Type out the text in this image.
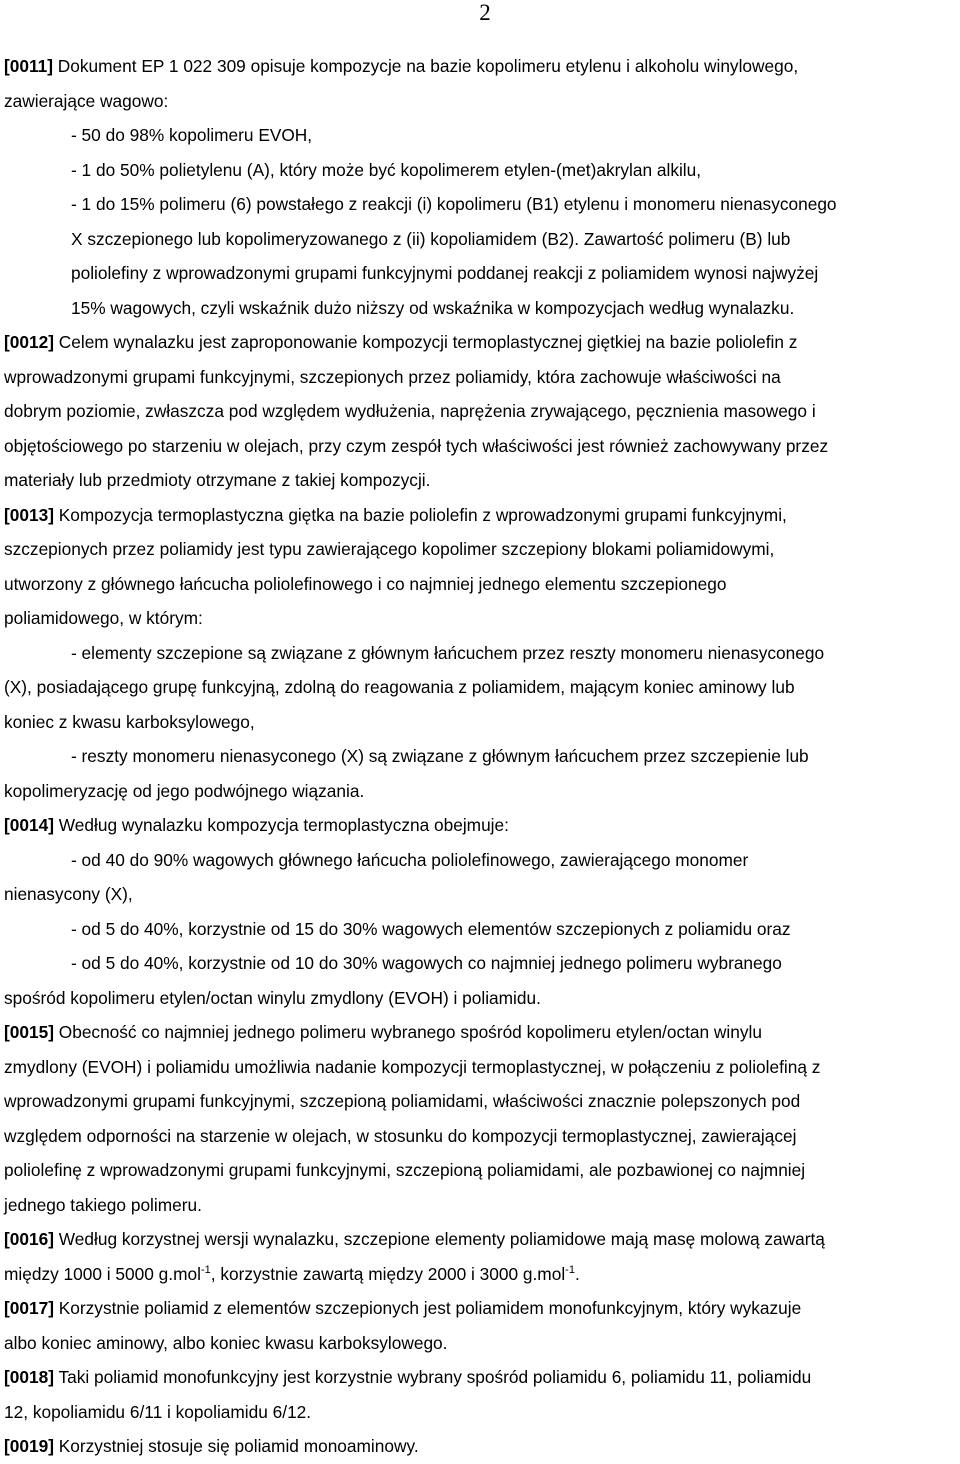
2
[0011] Dokument EP 1 022 309 opisuje kompozycje na bazie kopolimeru etylenu i alkoholu winylowego,
zawierające wagowo:
- 50 do 98% kopolimeru EVOH,
- 1 do 50% polietylenu (A), który może być kopolimerem etylen-(met)akrylan alkilu,
- 1 do 15% polimeru (6) powstałego z reakcji (i) kopolimeru (B1) etylenu i monomeru nienasyconego
X szczepionego lub kopolimeryzowanego z (ii) kopoliamidem (B2). Zawartość polimeru (B) lub
poliolefiny z wprowadzonymi grupami funkcyjnymi poddanej reakcji z poliamidem wynosi najwyżej
15% wagowych, czyli wskaźnik dużo niższy od wskaźnika w kompozycjach według wynalazku.
[0012] Celem wynalazku jest zaproponowanie kompozycji termoplastycznej giętkiej na bazie poliolefin z
wprowadzonymi grupami funkcyjnymi, szczepionych przez poliamidy, która zachowuje właściwości na
dobrym poziomie, zwłaszcza pod względem wydłużenia, naprężenia zrywającego, pęcznienia masowego i
objętościowego po starzeniu w olejach, przy czym zespół tych właściwości jest również zachowywany przez
materiały lub przedmioty otrzymane z takiej kompozycji.
[0013] Kompozycja termoplastyczna giętka na bazie poliolefin z wprowadzonymi grupami funkcyjnymi,
szczepionych przez poliamidy jest typu zawierającego kopolimer szczepiony blokami poliamidowymi,
utworzony z głównego łańcucha poliolefinowego i co najmniej jednego elementu szczepionego
poliamidowego, w którym:
- elementy szczepione są związane z głównym łańcuchem przez reszty monomeru nienasyconego
(X), posiadającego grupę funkcyjną, zdolną do reagowania z poliamidem, mającym koniec aminowy lub
koniec z kwasu karboksylowego,
- reszty monomeru nienasyconego (X) są związane z głównym łańcuchem przez szczepienie lub
kopolimeryzację od jego podwójnego wiązania.
[0014] Według wynalazku kompozycja termoplastyczna obejmuje:
- od 40 do 90% wagowych głównego łańcucha poliolefinowego, zawierającego monomer
nienasycony (X),
- od 5 do 40%, korzystnie od 15 do 30% wagowych elementów szczepionych z poliamidu oraz
- od 5 do 40%, korzystnie od 10 do 30% wagowych co najmniej jednego polimeru wybranego
spośród kopolimeru etylen/octan winylu zmydlony (EVOH) i poliamidu.
[0015] Obecność co najmniej jednego polimeru wybranego spośród kopolimeru etylen/octan winylu
zmydlony (EVOH) i poliamidu umożliwia nadanie kompozycji termoplastycznej, w połączeniu z poliolefiną z
wprowadzonymi grupami funkcyjnymi, szczepioną poliamidami, właściwości znacznie polepszonych pod
względem odporności na starzenie w olejach, w stosunku do kompozycji termoplastycznej, zawierającej
poliolefinę z wprowadzonymi grupami funkcyjnymi, szczepioną poliamidami, ale pozbawionej co najmniej
jednego takiego polimeru.
[0016] Według korzystnej wersji wynalazku, szczepione elementy poliamidowe mają masę molową zawartą
między 1000 i 5000 g.mol$^{-1}$, korzystnie zawartą między 2000 i 3000 g.mol$^{-1}$.
[0017] Korzystnie poliamid z elementów szczepionych jest poliamidem monofunkcyjnym, który wykazuje
albo koniec aminowy, albo koniec kwasu karboksylowego.
[0018] Taki poliamid monofunkcyjny jest korzystnie wybrany spośród poliamidu 6, poliamidu 11, poliamidu
12, kopoliamidu 6/11 i kopoliamidu 6/12.
[0019] Korzystniej stosuje się poliamid monoaminowy.
